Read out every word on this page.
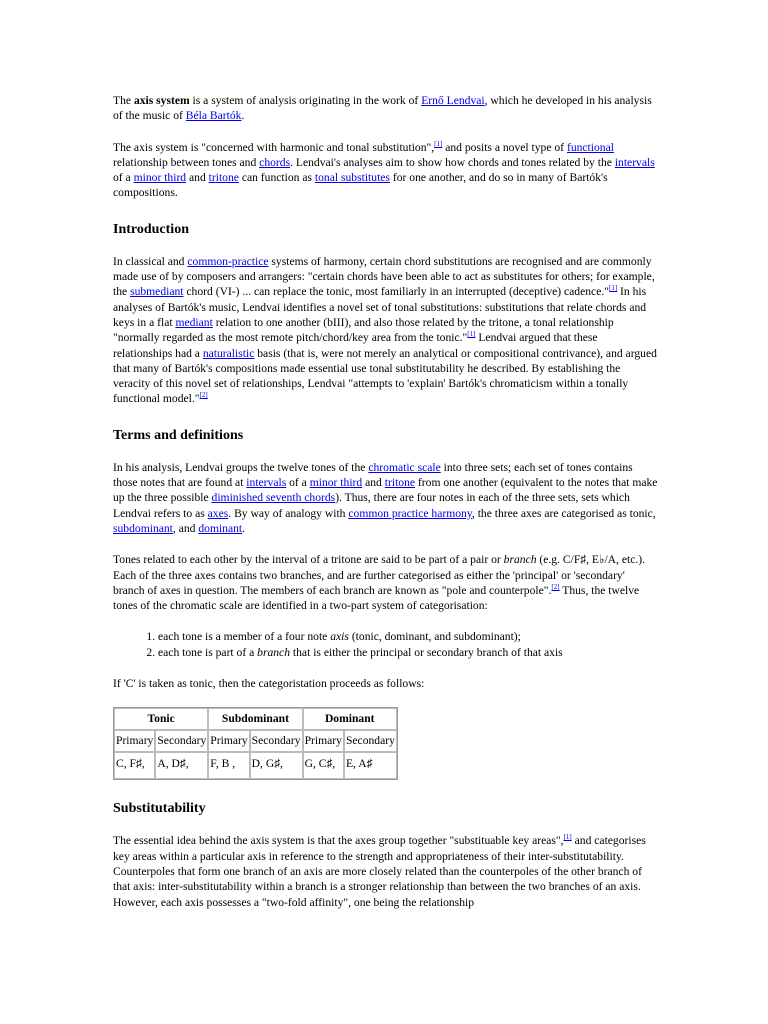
The axis system is a system of analysis originating in the work of Ernő Lendvai, which he developed in his analysis of the music of Béla Bartók.

The axis system is "concerned with harmonic and tonal substitution",[1] and posits a novel type of functional relationship between tones and chords. Lendvai's analyses aim to show how chords and tones related by the intervals of a minor third and tritone can function as tonal substitutes for one another, and do so in many of Bartók's compositions.

Introduction

In classical and common-practice systems of harmony, certain chord substitutions are recognised and are commonly made use of by composers and arrangers: "certain chords have been able to act as substitutes for others; for example, the submediant chord (VI-) ... can replace the tonic, most familiarly in an interrupted (deceptive) cadence."[1] In his analyses of Bartók's music, Lendvai identifies a novel set of tonal substitutions: substitutions that relate chords and keys in a flat mediant relation to one another (bIII), and also those related by the tritone, a tonal relationship "normally regarded as the most remote pitch/chord/key area from the tonic."[1] Lendvai argued that these relationships had a naturalistic basis (that is, were not merely an analytical or compositional contrivance), and argued that many of Bartók's compositions made essential use tonal substitutability he described. By establishing the veracity of this novel set of relationships, Lendvai "attempts to 'explain' Bartók's chromaticism within a tonally functional model."[2]

Terms and definitions

In his analysis, Lendvai groups the twelve tones of the chromatic scale into three sets; each set of tones contains those notes that are found at intervals of a minor third and tritone from one another (equivalent to the notes that make up the three possible diminished seventh chords). Thus, there are four notes in each of the three sets, sets which Lendvai refers to as axes. By way of analogy with common practice harmony, the three axes are categorised as tonic, subdominant, and dominant.

Tones related to each other by the interval of a tritone are said to be part of a pair or branch (e.g. C/F♯, E♭/A, etc.). Each of the three axes contains two branches, and are further categorised as either the 'principal' or 'secondary' branch of axes in question. The members of each branch are known as "pole and counterpole".[2] Thus, the twelve tones of the chromatic scale are identified in a two-part system of categorisation:

1. each tone is a member of a four note axis (tonic, dominant, and subdominant);
2. each tone is part of a branch that is either the principal or secondary branch of that axis

If 'C' is taken as tonic, then the categoristation proceeds as follows:

Tonic		Subdominant		Dominant	
Primary	Secondary	Primary	Secondary	Primary	Secondary
C, F♯,	A, D♯,	F, B ,	D, G♯,	G, C♯,	E, A♯
Substitutability

The essential idea behind the axis system is that the axes group together "substituable key areas",[1] and categorises key areas within a particular axis in reference to the strength and appropriateness of their inter-substitutability. Counterpoles that form one branch of an axis are more closely related than the counterpoles of the other branch of that axis: inter-substitutability within a branch is a stronger relationship than between the two branches of an axis. However, each axis possesses a "two-fold affinity", one being the relationship
